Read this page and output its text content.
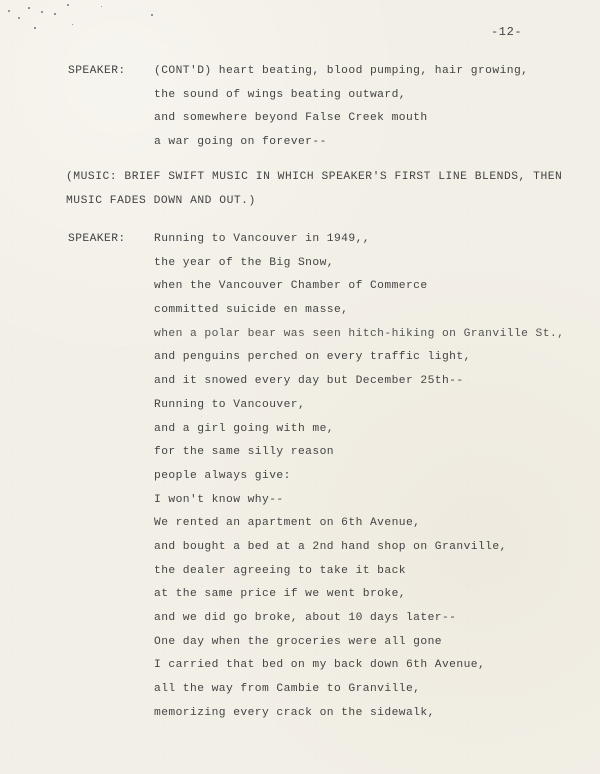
-12-
SPEAKER:	(CONT'D) heart beating, blood pumping, hair growing,
the sound of wings beating outward,
and somewhere beyond False Creek mouth
a war going on forever--
(MUSIC: BRIEF SWIFT MUSIC IN WHICH SPEAKER'S FIRST LINE BLENDS, THEN
MUSIC FADES DOWN AND OUT.)
SPEAKER:	Running to Vancouver in 1949,,
the year of the Big Snow,
when the Vancouver Chamber of Commerce
committed suicide en masse,
when a polar bear was seen hitch-hiking on Granville St.,
and penguins perched on every traffic light,
and it snowed every day but December 25th--
Running to Vancouver,
and a girl going with me,
for the same silly reason
people always give:
I won't know why--
We rented an apartment on 6th Avenue,
and bought a bed at a 2nd hand shop on Granville,
the dealer agreeing to take it back
at the same price if we went broke,
and we did go broke, about 10 days later--
One day when the groceries were all gone
I carried that bed on my back down 6th Avenue,
all the way from Cambie to Granville,
memorizing every crack on the sidewalk,
